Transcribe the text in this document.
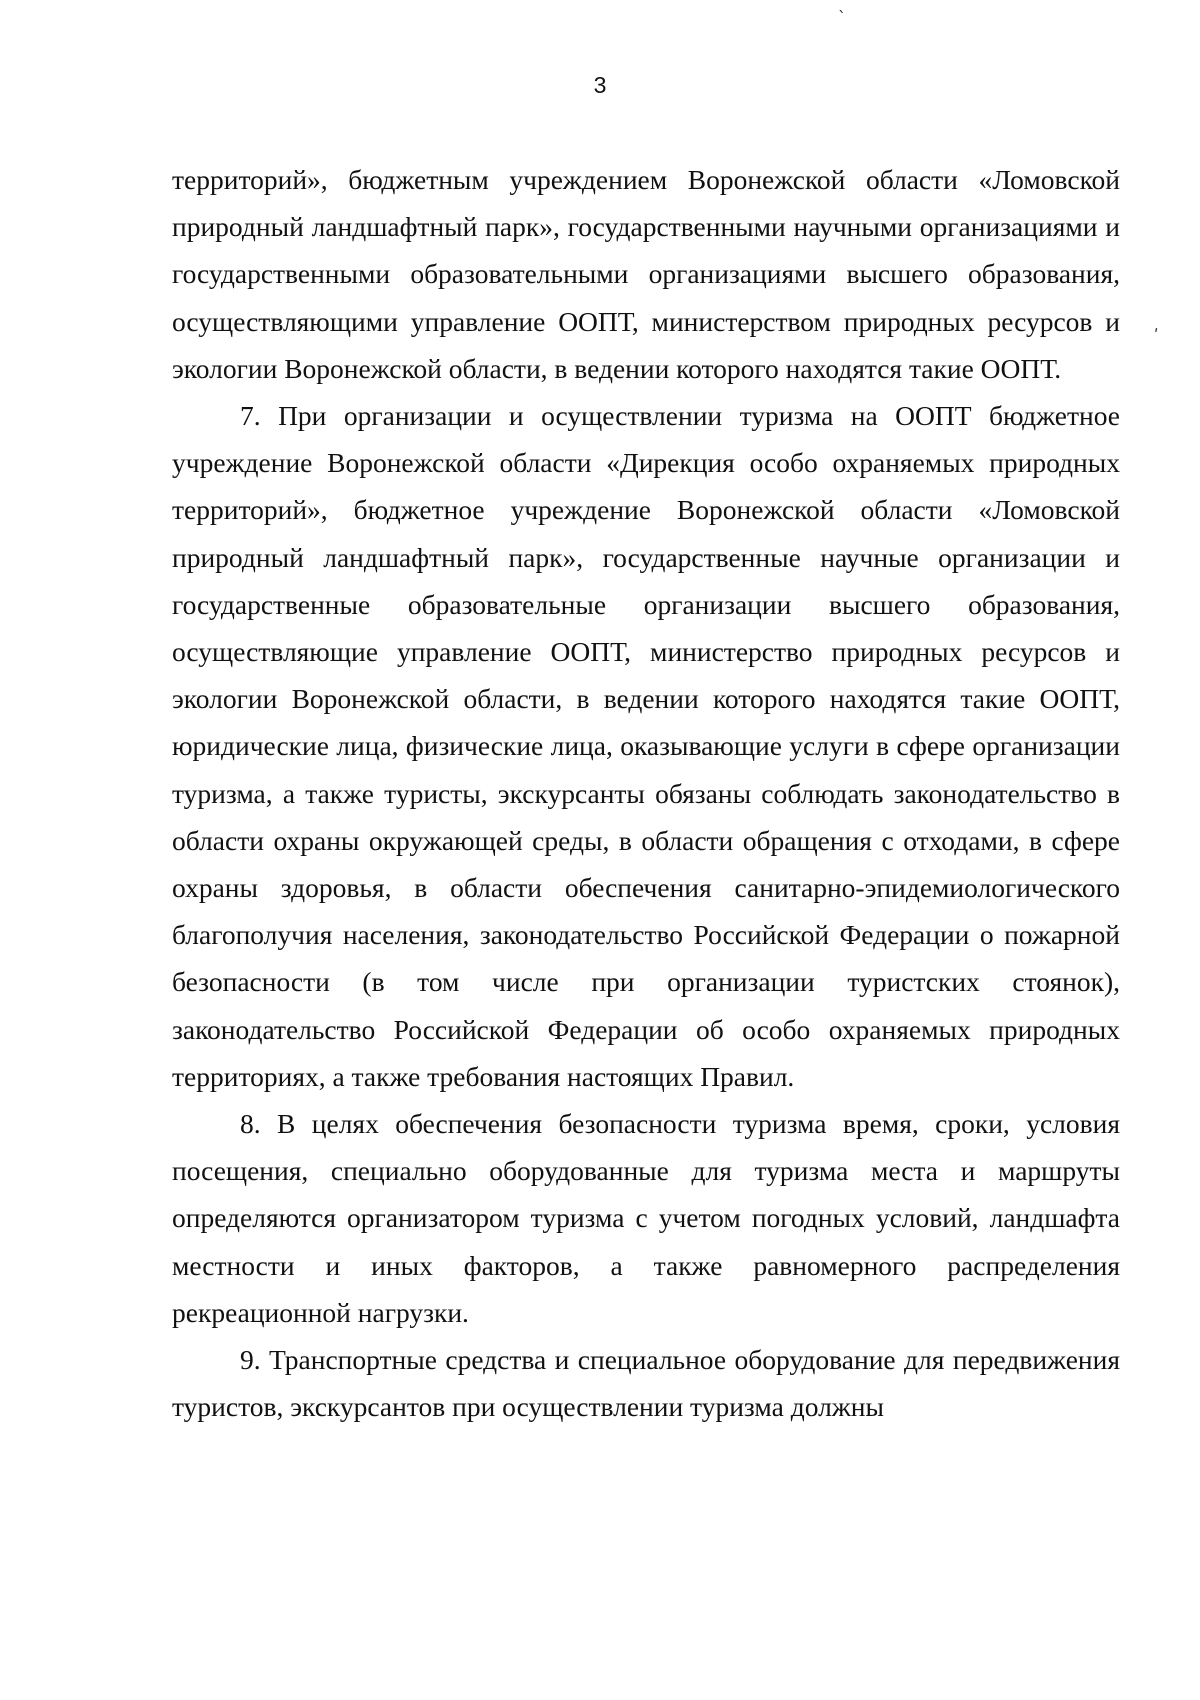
`
ʹ
3

территорий», бюджетным учреждением Воронежской области «Ломовской природный ландшафтный парк», государственными научными организациями и государственными образовательными организациями высшего образования, осуществляющими управление ООПТ, министерством природных ресурсов и экологии Воронежской области, в ведении которого находятся такие ООПТ.

7. При организации и осуществлении туризма на ООПТ бюджетное учреждение Воронежской области «Дирекция особо охраняемых природных территорий», бюджетное учреждение Воронежской области «Ломовской природный ландшафтный парк», государственные научные организации и государственные образовательные организации высшего образования, осуществляющие управление ООПТ, министерство природных ресурсов и экологии Воронежской области, в ведении которого находятся такие ООПТ, юридические лица, физические лица, оказывающие услуги в сфере организации туризма, а также туристы, экскурсанты обязаны соблюдать законодательство в области охраны окружающей среды, в области обращения с отходами, в сфере охраны здоровья, в области обеспечения санитарно-эпидемиологического благополучия населения, законодательство Российской Федерации о пожарной безопасности (в том числе при организации туристских стоянок), законодательство Российской Федерации об особо охраняемых природных территориях, а также требования настоящих Правил.

8. В целях обеспечения безопасности туризма время, сроки, условия посещения, специально оборудованные для туризма места и маршруты определяются организатором туризма с учетом погодных условий, ландшафта местности и иных факторов, а также равномерного распределения рекреационной нагрузки.

9. Транспортные средства и специальное оборудование для передвижения туристов, экскурсантов при осуществлении туризма должны
